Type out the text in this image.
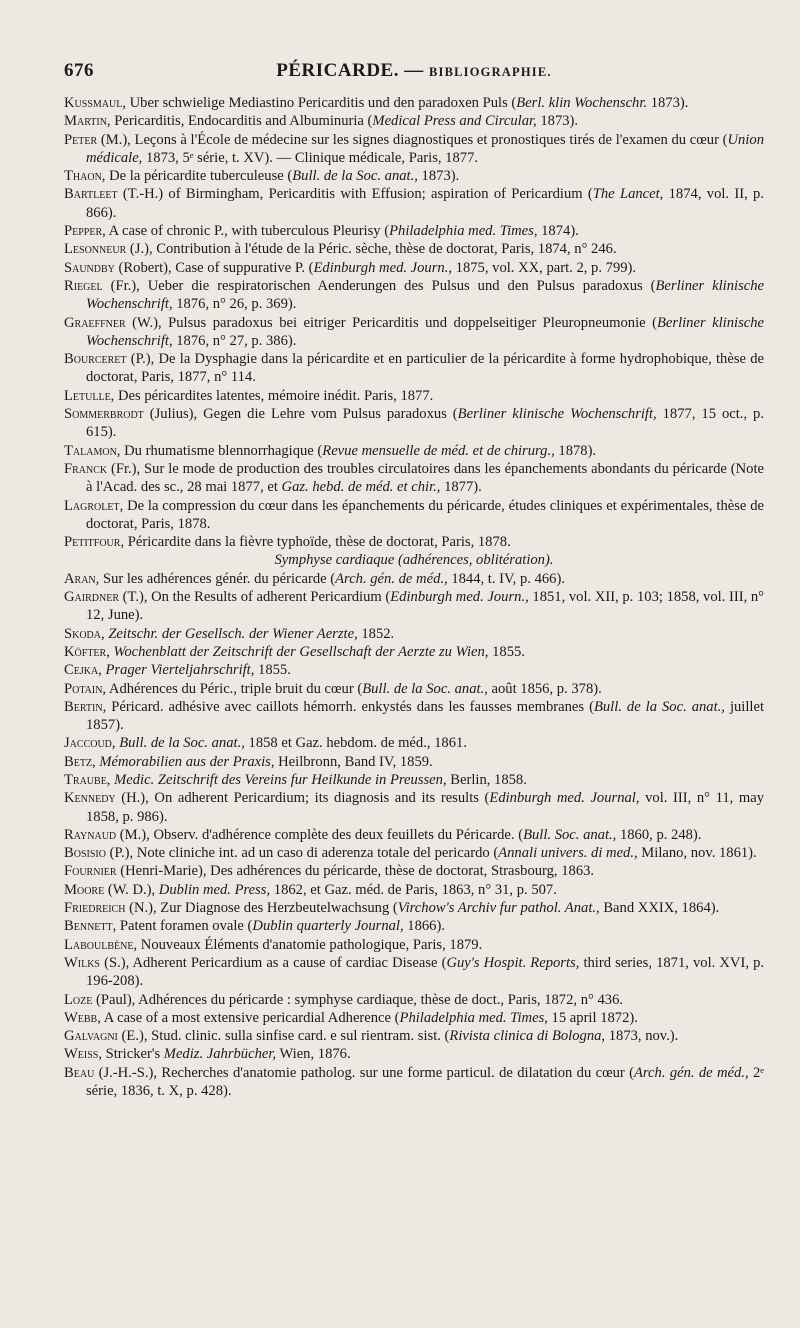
676	PÉRICARDE. — BIBLIOGRAPHIE.

Kussmaul, Uber schwielige Mediastino Pericarditis und den paradoxen Puls (Berl. klin Wochenschr. 1873).

Martin, Pericarditis, Endocarditis and Albuminuria (Medical Press and Circular, 1873).

Peter (M.), Leçons à l'École de médecine sur les signes diagnostiques et pronostiques tirés de l'examen du cœur (Union médicale, 1873, 5ᵉ série, t. XV). — Clinique médicale, Paris, 1877.

Thaon, De la péricardite tuberculeuse (Bull. de la Soc. anat., 1873).

Bartleet (T.-H.) of Birmingham, Pericarditis with Effusion; aspiration of Pericardium (The Lancet, 1874, vol. II, p. 866).

Pepper, A case of chronic P., with tuberculous Pleurisy (Philadelphia med. Times, 1874).

Lesonneur (J.), Contribution à l'étude de la Péric. sèche, thèse de doctorat, Paris, 1874, n° 246.

Saundby (Robert), Case of suppurative P. (Edinburgh med. Journ., 1875, vol. XX, part. 2, p. 799).

Riegel (Fr.), Ueber die respiratorischen Aenderungen des Pulsus und den Pulsus paradoxus (Berliner klinische Wochenschrift, 1876, n° 26, p. 369).

Graeffner (W.), Pulsus paradoxus bei eitriger Pericarditis und doppelseitiger Pleuropneumonie (Berliner klinische Wochenschrift, 1876, n° 27, p. 386).

Bourceret (P.), De la Dysphagie dans la péricardite et en particulier de la péricardite à forme hydrophobique, thèse de doctorat, Paris, 1877, n° 114.

Letulle, Des péricardites latentes, mémoire inédit. Paris, 1877.

Sommerbrodt (Julius), Gegen die Lehre vom Pulsus paradoxus (Berliner klinische Wochenschrift, 1877, 15 oct., p. 615).

Talamon, Du rhumatisme blennorrhagique (Revue mensuelle de méd. et de chirurg., 1878).

Franck (Fr.), Sur le mode de production des troubles circulatoires dans les épanchements abondants du péricarde (Note à l'Acad. des sc., 28 mai 1877, et Gaz. hebd. de méd. et chir., 1877).

Lagrolet, De la compression du cœur dans les épanchements du péricarde, études cliniques et expérimentales, thèse de doctorat, Paris, 1878.

Petitfour, Péricardite dans la fièvre typhoïde, thèse de doctorat, Paris, 1878.

Symphyse cardiaque (adhérences, oblitération).

Aran, Sur les adhérences génér. du péricarde (Arch. gén. de méd., 1844, t. IV, p. 466).

Gairdner (T.), On the Results of adherent Pericardium (Edinburgh med. Journ., 1851, vol. XII, p. 103; 1858, vol. III, n° 12, June).

Skoda, Zeitschr. der Gesellsch. der Wiener Aerzte, 1852.

Köfter, Wochenblatt der Zeitschrift der Gesellschaft der Aerzte zu Wien, 1855.

Cejka, Prager Vierteljahrschrift, 1855.

Potain, Adhérences du Péric., triple bruit du cœur (Bull. de la Soc. anat., août 1856, p. 378).

Bertin, Péricard. adhésive avec caillots hémorrh. enkystés dans les fausses membranes (Bull. de la Soc. anat., juillet 1857).

Jaccoud, Bull. de la Soc. anat., 1858 et Gaz. hebdom. de méd., 1861.

Betz, Mémorabilien aus der Praxis, Heilbronn, Band IV, 1859.

Traube, Medic. Zeitschrift des Vereins fur Heilkunde in Preussen, Berlin, 1858.

Kennedy (H.), On adherent Pericardium; its diagnosis and its results (Edinburgh med. Journal, vol. III, n° 11, may 1858, p. 986).

Raynaud (M.), Observ. d'adhérence complète des deux feuillets du Péricarde. (Bull. Soc. anat., 1860, p. 248).

Bosisio (P.), Note cliniche int. ad un caso di aderenza totale del pericardo (Annali univers. di med., Milano, nov. 1861).

Fournier (Henri-Marie), Des adhérences du péricarde, thèse de doctorat, Strasbourg, 1863.

Moore (W. D.), Dublin med. Press, 1862, et Gaz. méd. de Paris, 1863, n° 31, p. 507.

Friedreich (N.), Zur Diagnose des Herzbeutelwachsung (Virchow's Archiv fur pathol. Anat., Band XXIX, 1864).

Bennett, Patent foramen ovale (Dublin quarterly Journal, 1866).

Laboulbène, Nouveaux Éléments d'anatomie pathologique, Paris, 1879.

Wilks (S.), Adherent Pericardium as a cause of cardiac Disease (Guy's Hospit. Reports, third series, 1871, vol. XVI, p. 196-208).

Loze (Paul), Adhérences du péricarde : symphyse cardiaque, thèse de doct., Paris, 1872, n° 436.

Webb, A case of a most extensive pericardial Adherence (Philadelphia med. Times, 15 april 1872).

Galvagni (E.), Stud. clinic. sulla sinfise card. e sul rientram. sist. (Rivista clinica di Bologna, 1873, nov.).

Weiss, Stricker's Mediz. Jahrbücher, Wien, 1876.

Beau (J.-H.-S.), Recherches d'anatomie patholog. sur une forme particul. de dilatation du cœur (Arch. gén. de méd., 2ᵉ série, 1836, t. X, p. 428).
